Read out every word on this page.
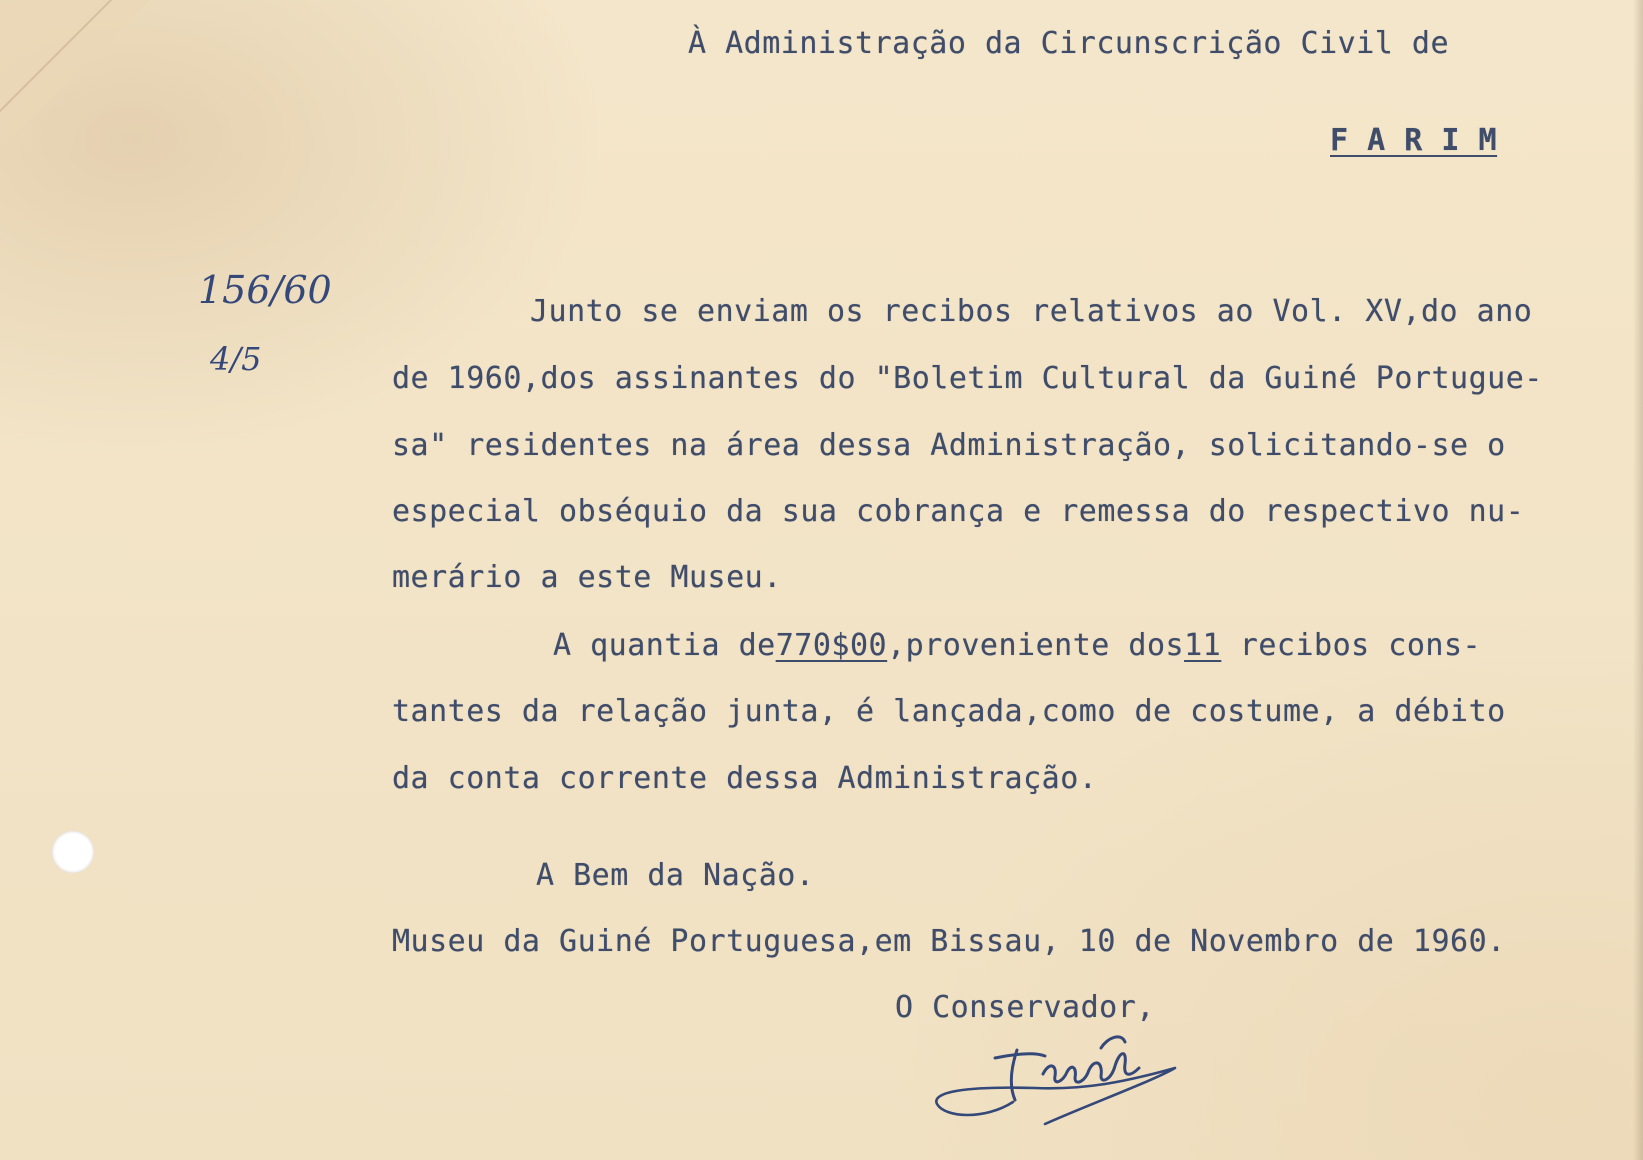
À Administração da Circunscrição Civil de
F A R I M
156/60
4/5
Junto se enviam os recibos relativos ao Vol. XV,do ano
de 1960,dos assinantes do "Boletim Cultural da Guiné Portugue-
sa" residentes na área dessa Administração, solicitando-se o
especial obséquio da sua cobrança e remessa do respectivo nu-
merário a este Museu.
A quantia de770$00,proveniente dos11 recibos cons-
tantes da relação junta, é lançada,como de costume, a débito
da conta corrente dessa Administração.
A Bem da Nação.
Museu da Guiné Portuguesa,em Bissau, 10 de Novembro de 1960.
O Conservador,
